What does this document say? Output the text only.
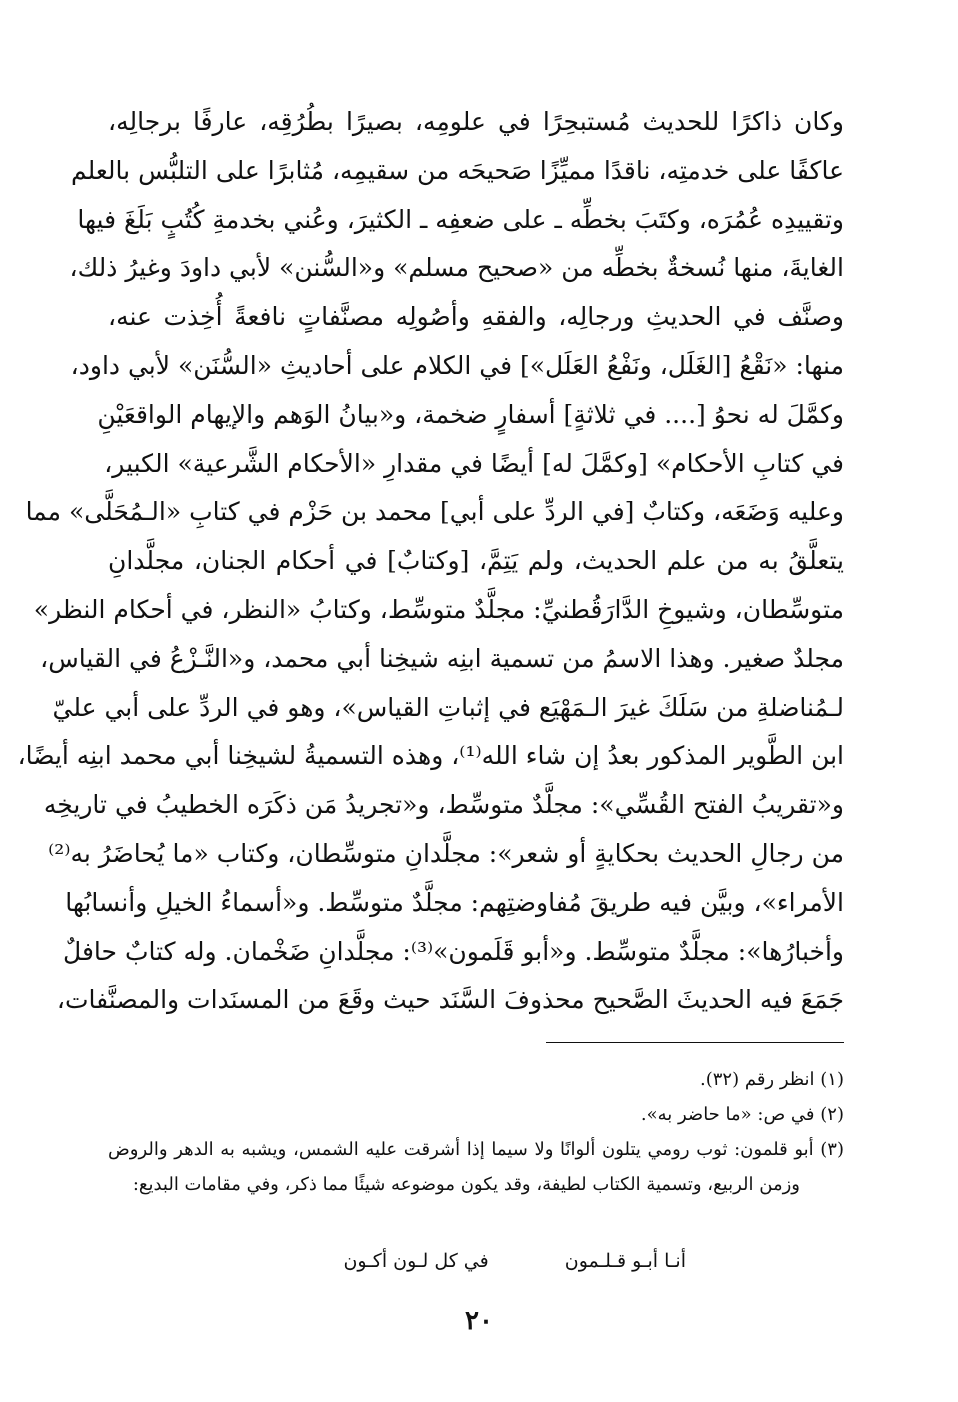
وكان ذاكرًا للحديث مُستبحِرًا في علومِه، بصيرًا بطُرُقِه، عارفًا برجالِه،
عاكفًا على خدمتِه، ناقدًا مميِّزًا صَحيحَه من سقيمِه، مُثابرًا على التلبُّس بالعلم
وتقييدِه عُمُرَه، وكتَبَ بخطِّه ـ على ضعفِه ـ الكثيرَ، وعُني بخدمةِ كُتُبٍ بَلَغَ فيها
الغايةَ، منها نُسخةٌ بخطِّه من «صحيح مسلم» و«السُّنن» لأبي داودَ وغيرُ ذلك،
وصنَّف في الحديثِ ورجالِه، والفقهِ وأصُولِه مصنَّفاتٍ نافعةً أُخِذت عنه،
منها: «نَقْعُ [الغَلَل، ونَفْعُ العَلَل»] في الكلام على أحاديثِ «السُّنَن» لأبي داود،
وكمَّلَ له نحوُ [.... في ثلاثةٍ] أسفارٍ ضخمة، و«بيانُ الوَهم والإيهام الواقعَيْنِ
في كتابِ الأحكام» [وكمَّلَ له] أيضًا في مقدارِ «الأحكام الشَّرعية» الكبير،
وعليه وَضَعَه، وكتابٌ [في الردِّ على أبي] محمد بن حَزْم في كتابِ «الـمُحَلَّى» مما
يتعلَّقُ به من علم الحديث، ولم يَتِمَّ، [وكتابٌ] في أحكام الجنان، مجلَّدانِ
متوسِّطان، وشيوخِ الدَّارَقُطنيِّ: مجلَّدٌ متوسِّط، وكتابُ «النظر، في أحكام النظر»
مجلدٌ صغير. وهذا الاسمُ من تسمية ابنِه شيخِنا أبي محمد، و«النَّـزْعُ في القياس،
لـمُناضلةِ من سَلَكَ غيرَ الـمَهْيَع في إثباتِ القياس»، وهو في الردِّ على أبي عليّ
ابن الطَّوير المذكور بعدُ إن شاء الله⁽¹⁾، وهذه التسميةُ لشيخِنا أبي محمد ابنِه أيضًا،
و«تقريبُ الفتح القُسِّي»: مجلَّدٌ متوسِّط، و«تجريدُ مَن ذكَرَه الخطيبُ في تاريخِه
من رجالِ الحديث بحكايةٍ أو شعر»: مجلَّدانِ متوسِّطان، وكتاب «ما يُحاضَرُ به⁽²⁾
الأمراء»، وبيَّن فيه طريقَ مُفاوضتِهم: مجلَّدٌ متوسِّط. و«أسماءُ الخيلِ وأنسابُها
وأخبارُها»: مجلَّدٌ متوسِّط. و«أبو قَلَمون»⁽³⁾: مجلَّدانِ ضَخْمان. وله كتابٌ حافلٌ
جَمَعَ فيه الحديثَ الصَّحيح محذوفَ السَّنَد حيث وقَعَ من المسنَدات والمصنَّفات،
(١) انظر رقم (٣٢).
(٢) في ص: «ما حاضر به».
(٣) أبو قلمون: ثوب رومي يتلون ألوانًا ولا سيما إذا أشرقت عليه الشمس، ويشبه به الدهر والروض
وزمن الربيع، وتسمية الكتاب لطيفة، وقد يكون موضوعه شيئًا مما ذكر، وفي مقامات البديع:
أنـا أبـو قـلـمون في كل لـون أكـون
٢٠
